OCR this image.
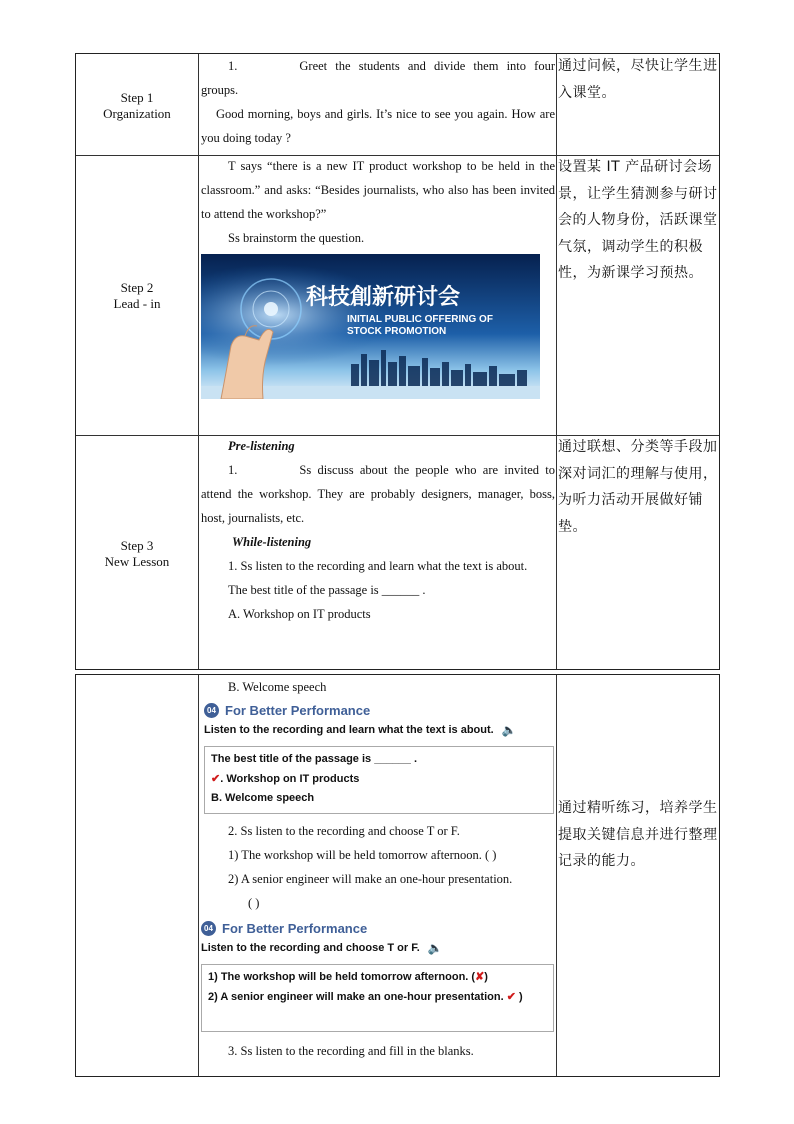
Step 1
Organization

1.	Greet the students and divide them into four groups.

Good morning, boys and girls. It’s nice to see you again. How are you doing today ?

通过问候，尽快让学生进入课堂。
Step 2
Lead - in

T says “there is a new IT product workshop to be held in the classroom.” and asks: “Besides journalists, who also has been invited to attend the workshop?”

Ss brainstorm the question.

科技創新研讨会
INITIAL PUBLIC OFFERING OF
STOCK PROMOTION
设置某 IT 产品研讨会场景，让学生猜测参与研讨会的人物身份，活跃课堂气氛，调动学生的积极性，为新课学习预热。
Step 3
New Lesson

Pre-listening

1.	Ss discuss about the people who are invited to attend the workshop. They are probably designers, manager, boss, host, journalists, etc.

While-listening

1. Ss listen to the recording and learn what the text is about.

The best title of the passage is ______ .

A. Workshop on IT products

通过联想、分类等手段加深对词汇的理解与使用，为听力活动开展做好铺垫。

B. Welcome speech

04 For Better Performance
Listen to the recording and learn what the text is about. 🔈
The best title of the passage is ______ .
✔. Workshop on IT products
B. Welcome speech

2. Ss listen to the recording and choose T or F.

1) The workshop will be held tomorrow afternoon. ( )

2) A senior engineer will make an one-hour presentation.

( )

04 For Better Performance
Listen to the recording and choose T or F. 🔈
1) The workshop will be held tomorrow afternoon. (✘)
2) A senior engineer will make an one-hour presentation. ✔ )

3. Ss listen to the recording and fill in the blanks.

通过精听练习，培养学生提取关键信息并进行整理记录的能力。
